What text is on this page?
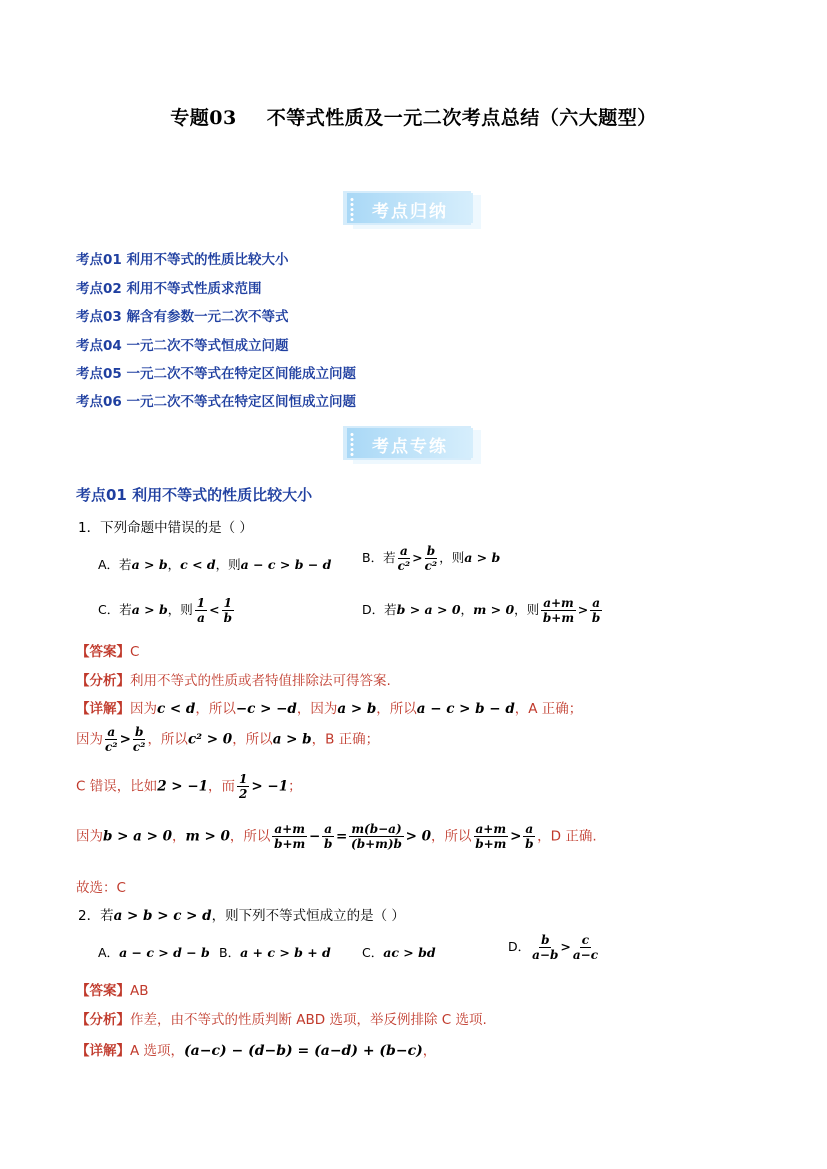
专题03 不等式性质及一元二次考点总结（六大题型）
考点归纳
考点01 利用不等式的性质比较大小
考点02 利用不等式性质求范围
考点03 解含有参数一元二次不等式
考点04 一元二次不等式恒成立问题
考点05 一元二次不等式在特定区间能成立问题
考点06 一元二次不等式在特定区间恒成立问题
考点专练
考点01 利用不等式的性质比较大小
1．下列命题中错误的是（ ）
A．若a > b，c < d，则a − c > b − d B．若 $\frac{a}{\text{c²}} > \frac{b}{\text{c²}}$ ，则a > b
C．若a > b，则 $\frac{1}{a} < \frac{1}{b}$	D．若b > a > 0，m > 0，则 $\frac{a+m}{b+m} > \frac{a}{b}$
【答案】C
【分析】利用不等式的性质或者特值排除法可得答案.
【详解】因为c < d，所以−c > −d，因为a > b，所以a − c > b − d，A 正确；
因为 $\frac{a}{\text{c²}} > \frac{b}{\text{c²}}$ ，所以c² > 0，所以a > b，B 正确；
C 错误，比如2 > −1，而 $\frac{1}{2} > -1$；
因为b > a > 0，m > 0，所以 $\frac{a+m}{b+m} - \frac{a}{b} = \frac{m(b-a)}{(b+m)b} > 0$，所以 $\frac{a+m}{b+m} > \frac{a}{b}$ ，D 正确.
故选：C
2．若a > b > c > d，则下列不等式恒成立的是（ ）
A．a − c > d − b B．a + c > b + d C．ac > bd	D． $\frac{b}{a-b} > \frac{c}{a-c}$
【答案】AB
【分析】作差，由不等式的性质判断 ABD 选项，举反例排除 C 选项.
【详解】A 选项，(a−c) − (d−b) = (a−d) + (b−c)，
